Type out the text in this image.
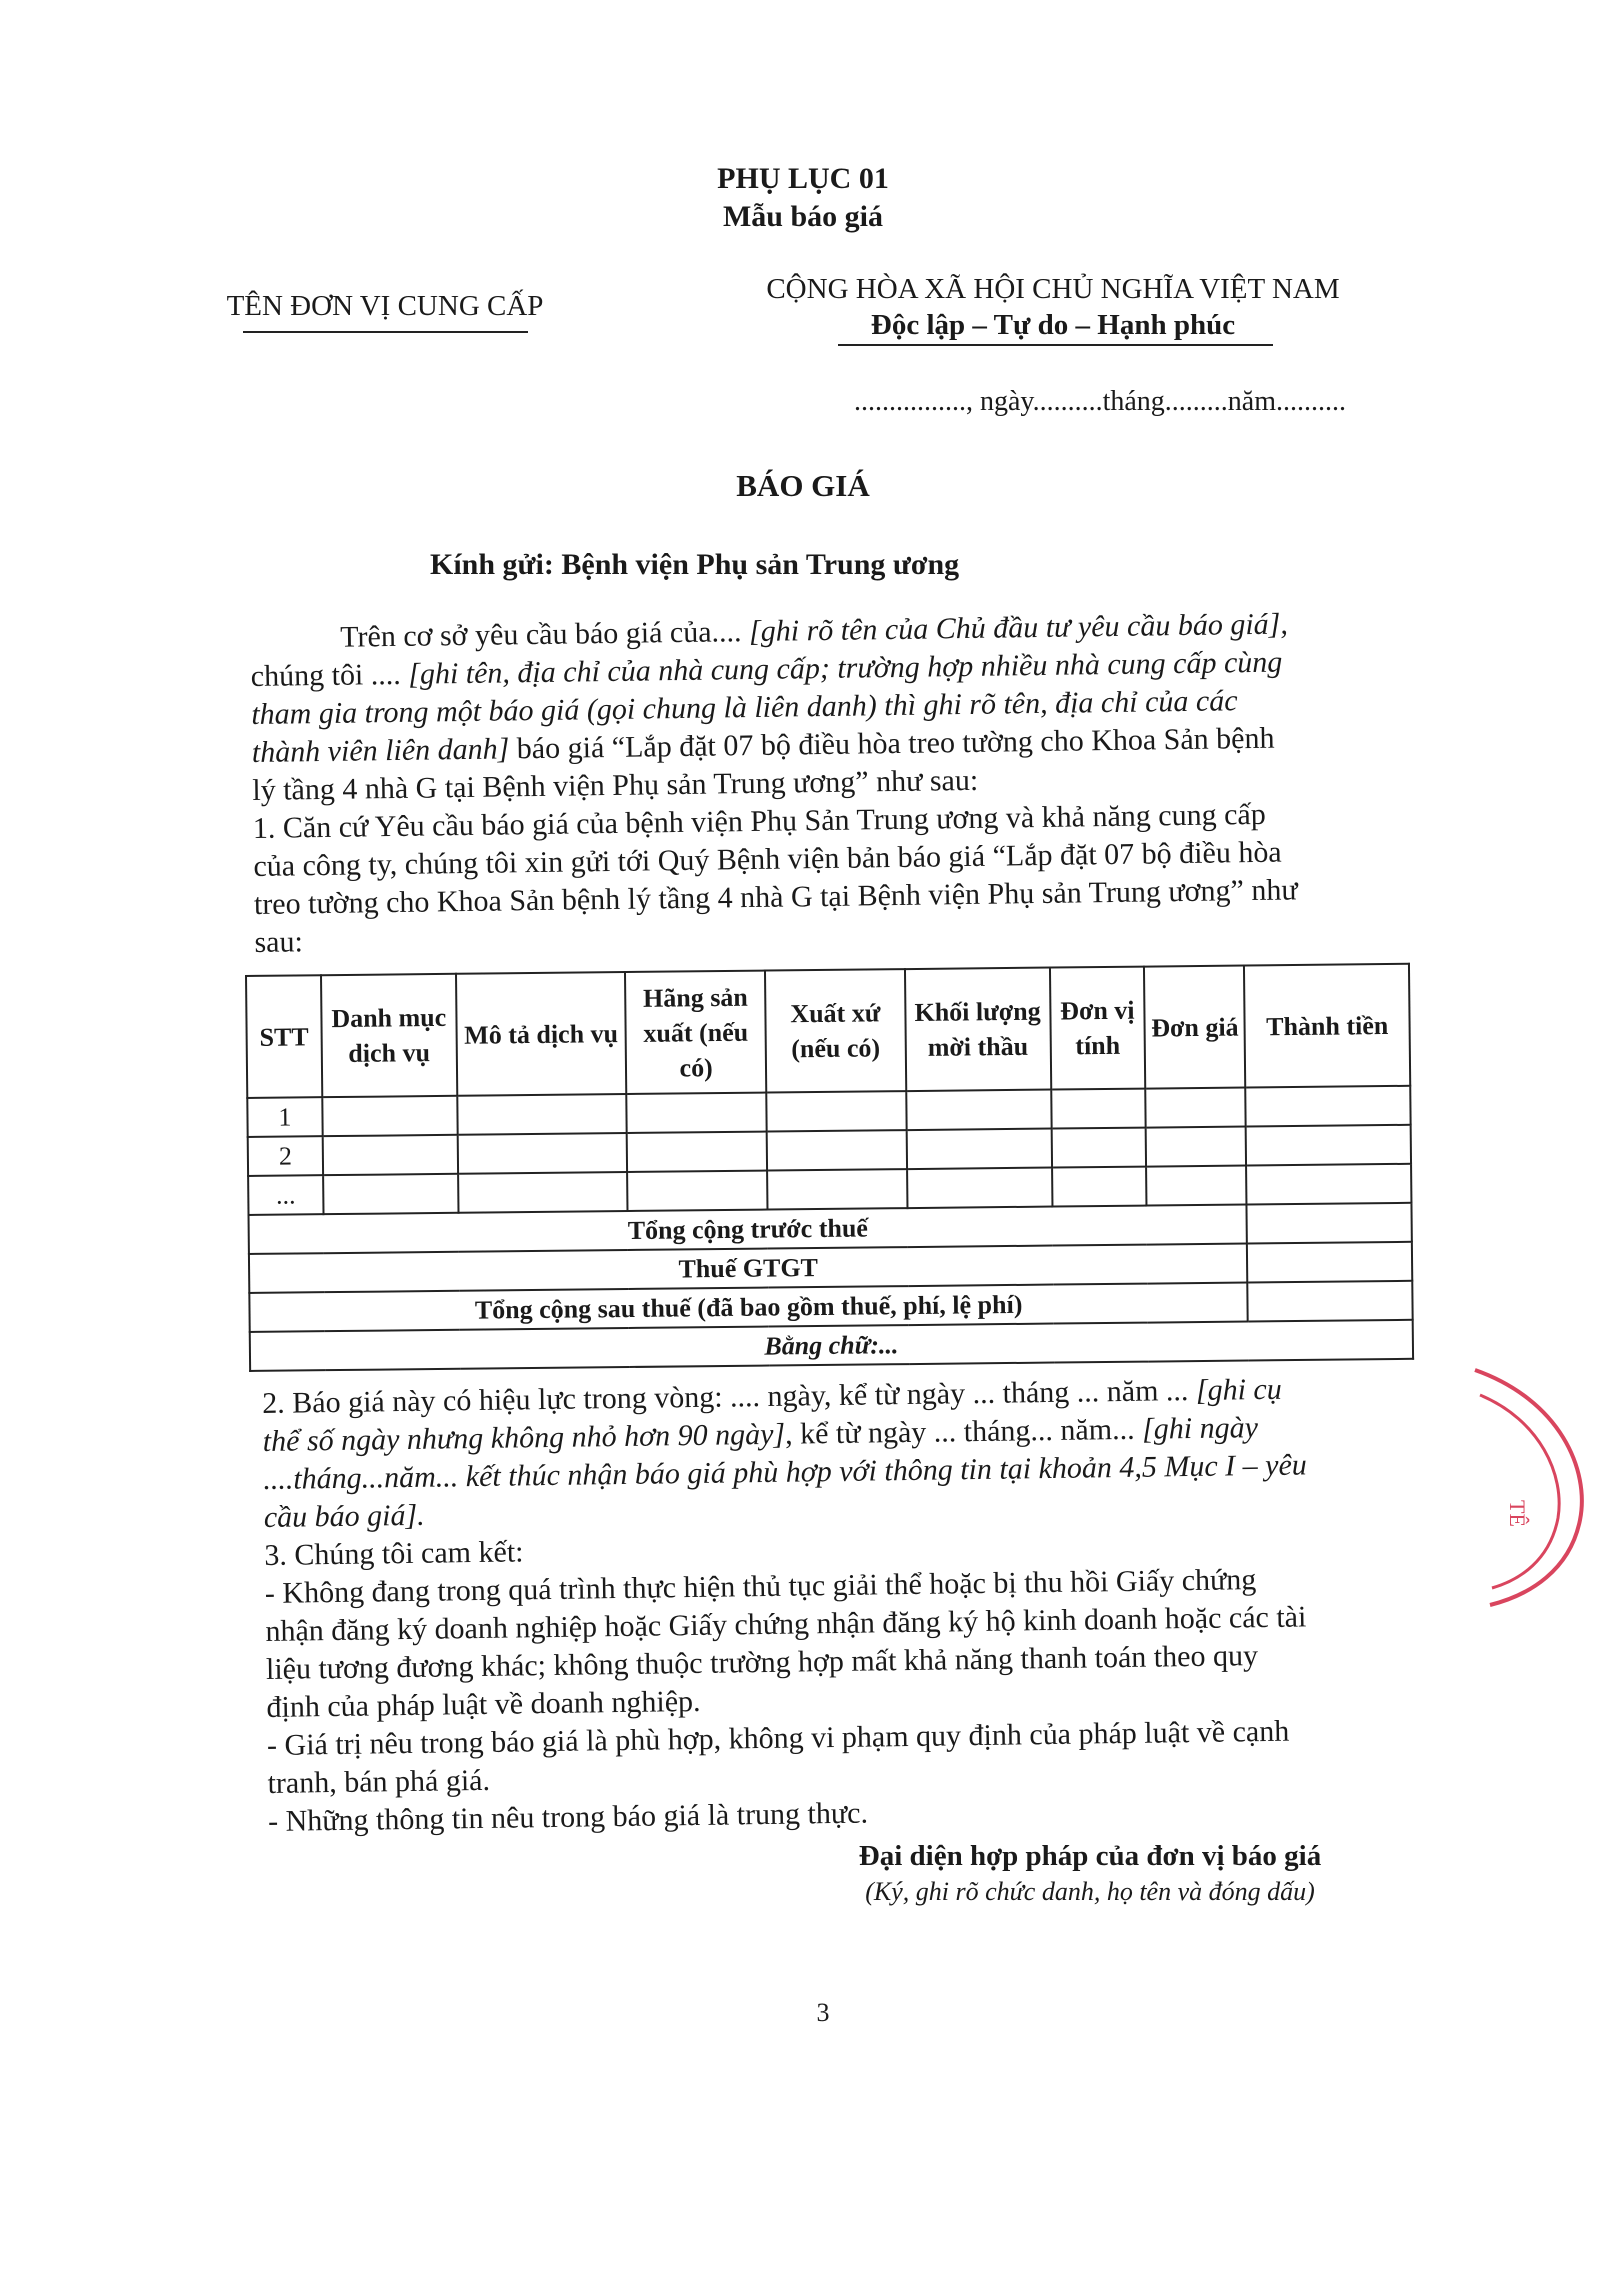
PHỤ LỤC 01
Mẫu báo giá
TÊN ĐƠN VỊ CUNG CẤP
CỘNG HÒA XÃ HỘI CHỦ NGHĨA VIỆT NAM
Độc lập – Tự do – Hạnh phúc
................, ngày..........tháng.........năm..........
BÁO GIÁ
Kính gửi: Bệnh viện Phụ sản Trung ương
Trên cơ sở yêu cầu báo giá của.... [ghi rõ tên của Chủ đầu tư yêu cầu báo giá],
chúng tôi .... [ghi tên, địa chỉ của nhà cung cấp; trường hợp nhiều nhà cung cấp cùng
tham gia trong một báo giá (gọi chung là liên danh) thì ghi rõ tên, địa chỉ của các
thành viên liên danh] báo giá “Lắp đặt 07 bộ điều hòa treo tường cho Khoa Sản bệnh
lý tầng 4 nhà G tại Bệnh viện Phụ sản Trung ương” như sau:
1. Căn cứ Yêu cầu báo giá của bệnh viện Phụ Sản Trung ương và khả năng cung cấp
của công ty, chúng tôi xin gửi tới Quý Bệnh viện bản báo giá “Lắp đặt 07 bộ điều hòa
treo tường cho Khoa Sản bệnh lý tầng 4 nhà G tại Bệnh viện Phụ sản Trung ương” như
sau:
STT	Danh mục dịch vụ	Mô tả dịch vụ	Hãng sản xuất (nếu có)	Xuất xứ (nếu có)	Khối lượng mời thầu	Đơn vị tính	Đơn giá	Thành tiền
1								
2								
...								
Tổng cộng trước thuế								
Thuế GTGT								
Tổng cộng sau thuế (đã bao gồm thuế, phí, lệ phí)								
Bằng chữ:...								
2. Báo giá này có hiệu lực trong vòng: .... ngày, kể từ ngày ... tháng ... năm ... [ghi cụ
thể số ngày nhưng không nhỏ hơn 90 ngày], kể từ ngày ... tháng... năm... [ghi ngày
....tháng...năm... kết thúc nhận báo giá phù hợp với thông tin tại khoản 4,5 Mục I – yêu
cầu báo giá].
3. Chúng tôi cam kết:
- Không đang trong quá trình thực hiện thủ tục giải thể hoặc bị thu hồi Giấy chứng
nhận đăng ký doanh nghiệp hoặc Giấy chứng nhận đăng ký hộ kinh doanh hoặc các tài
liệu tương đương khác; không thuộc trường hợp mất khả năng thanh toán theo quy
định của pháp luật về doanh nghiệp.
- Giá trị nêu trong báo giá là phù hợp, không vi phạm quy định của pháp luật về cạnh
tranh, bán phá giá.
- Những thông tin nêu trong báo giá là trung thực.
Đại diện hợp pháp của đơn vị báo giá
(Ký, ghi rõ chức danh, họ tên và đóng dấu)
3
TÊ
